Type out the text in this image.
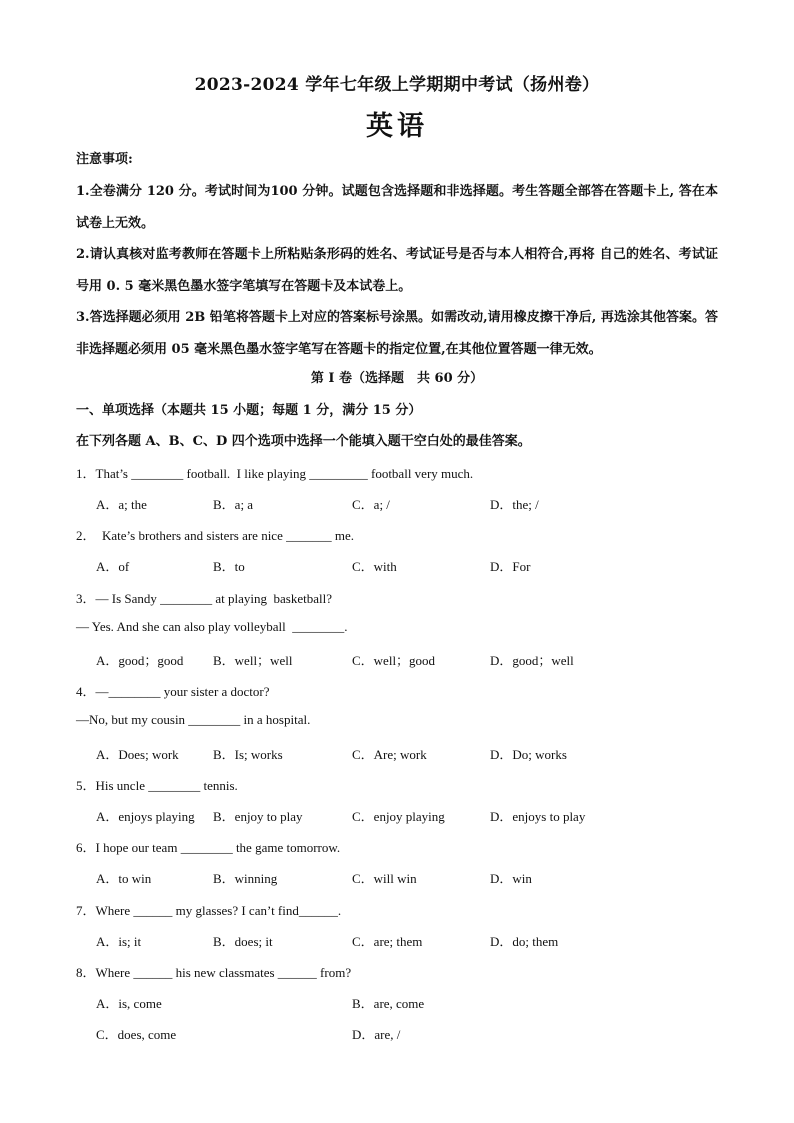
2023-2024 学年七年级上学期期中考试（扬州卷）
英语
注意事项:
1.全卷满分 120 分。考试时间为100 分钟。试题包含选择题和非选择题。考生答题全部答在答题卡上, 答在本试卷上无效。
2.请认真核对监考教师在答题卡上所粘贴条形码的姓名、考试证号是否与本人相符合,再将 自己的姓名、考试证号用 0. 5 毫米黑色墨水签字笔填写在答题卡及本试卷上。
3.答选择题必须用 2B 铅笔将答题卡上对应的答案标号涂黑。如需改动,请用橡皮擦干净后, 再选涂其他答案。答非选择题必须用 05 毫米黑色墨水签字笔写在答题卡的指定位置,在其他位置答题一律无效。
第 I 卷（选择题　共 60 分）
一、单项选择（本题共 15 小题；每题 1 分，满分 15 分）
在下列各题 A、B、C、D 四个选项中选择一个能填入题干空白处的最佳答案。
1．That’s ________ football.  I like playing _________ football very much.
A．a; the	B．a; a	C．a; /	D．the; /
2．  Kate’s brothers and sisters are nice _______ me.
A．of	B．to	C．with	D．For
3．— Is Sandy ________ at playing  basketball?
— Yes. And she can also play volleyball  ________.
A．good；good B．well；well	C．well；good	D．good；well
4．—________ your sister a doctor?
—No, but my cousin ________ in a hospital.
A．Does; work	B．Is; works	C．Are; work	D．Do; works
5．His uncle ________ tennis.
A．enjoys playing B．enjoy to play	C．enjoy playing	D．enjoys to play
6．I hope our team ________ the game tomorrow.
A．to win	B．winning	C．will win	D．win
7．Where ______ my glasses? I can’t find______.
A．is; it	B．does; it	C．are; them	D．do; them
8．Where ______ his new classmates ______ from?
A．is, come	B．are, come
C．does, come	D．are, /
